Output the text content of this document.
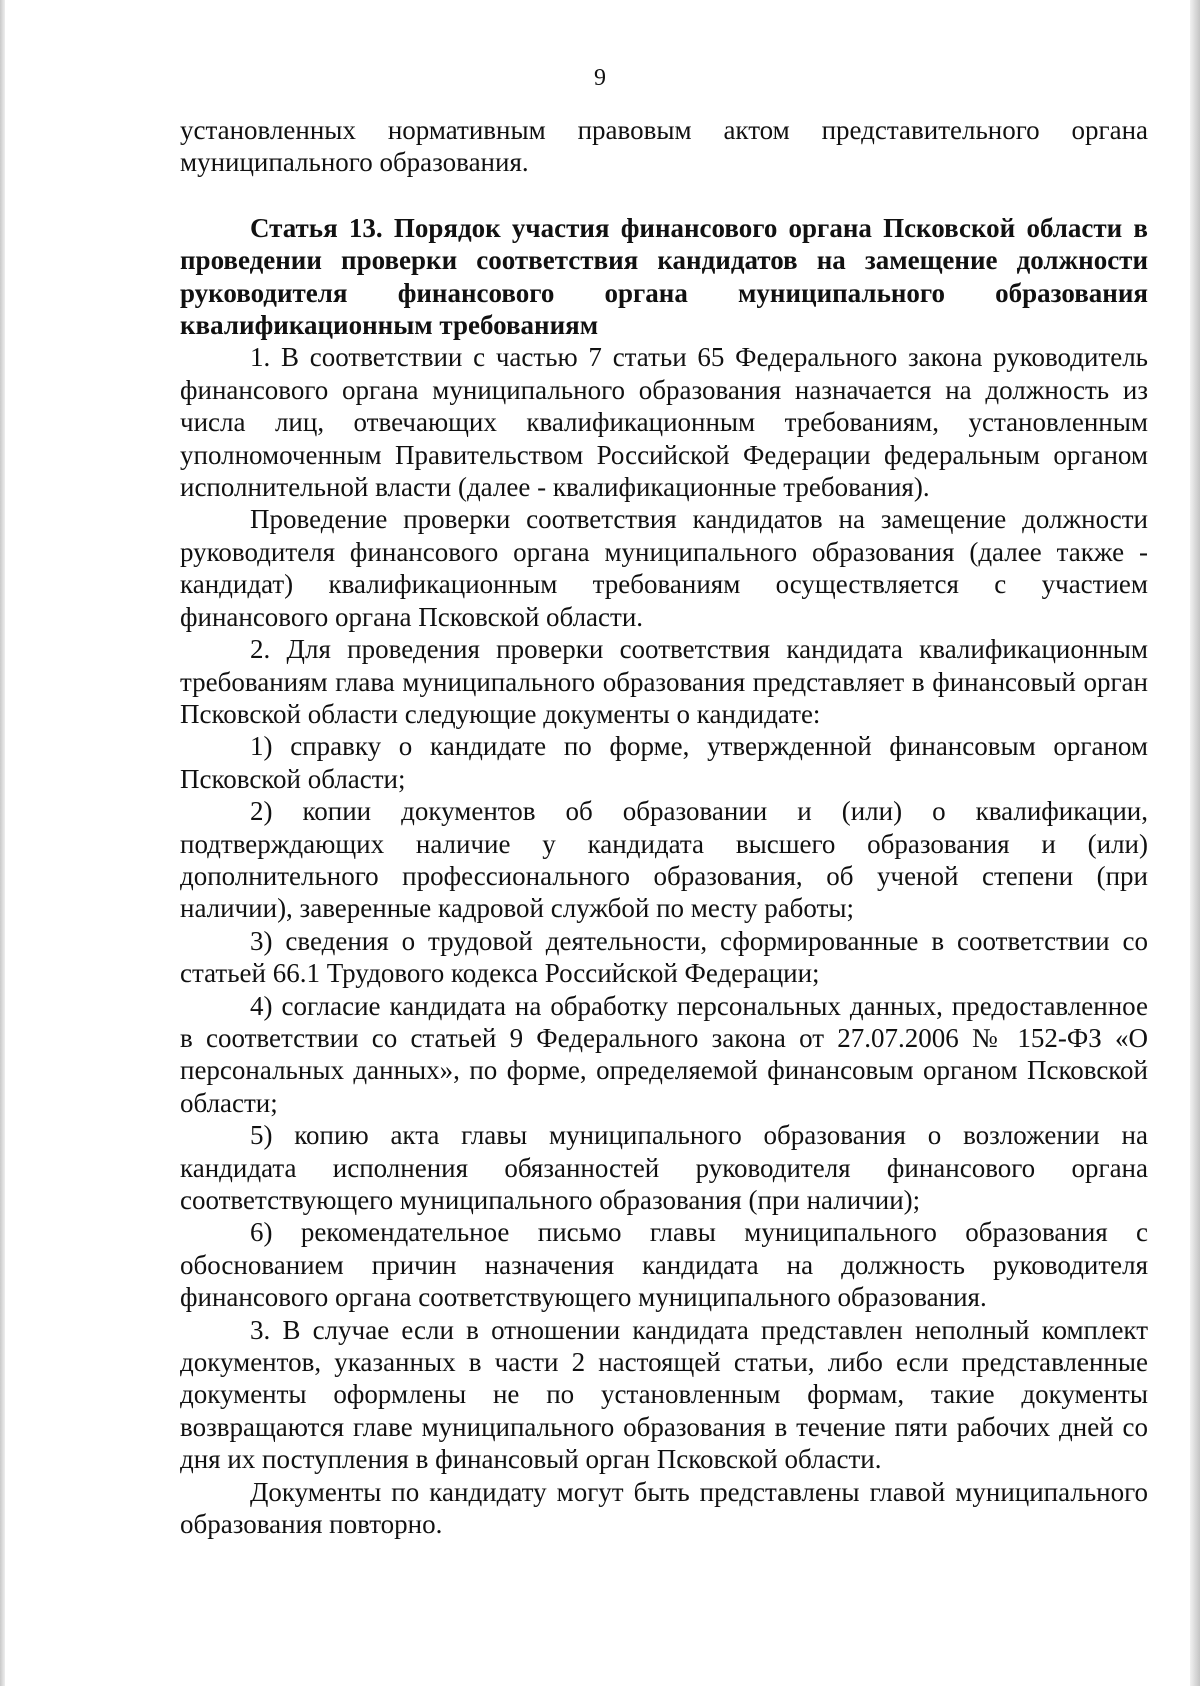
9

установленных нормативным правовым актом представительного органа муниципального образования.

Статья 13. Порядок участия финансового органа Псковской области в проведении проверки соответствия кандидатов на замещение должности руководителя финансового органа муниципального образования квалификационным требованиям

1. В соответствии с частью 7 статьи 65 Федерального закона руководитель финансового органа муниципального образования назначается на должность из числа лиц, отвечающих квалификационным требованиям, установленным уполномоченным Правительством Российской Федерации федеральным органом исполнительной власти (далее - квалификационные требования).

Проведение проверки соответствия кандидатов на замещение должности руководителя финансового органа муниципального образования (далее также - кандидат) квалификационным требованиям осуществляется с участием финансового органа Псковской области.

2. Для проведения проверки соответствия кандидата квалификационным требованиям глава муниципального образования представляет в финансовый орган Псковской области следующие документы о кандидате:

1) справку о кандидате по форме, утвержденной финансовым органом Псковской области;

2) копии документов об образовании и (или) о квалификации, подтверждающих наличие у кандидата высшего образования и (или) дополнительного профессионального образования, об ученой степени (при наличии), заверенные кадровой службой по месту работы;

3) сведения о трудовой деятельности, сформированные в соответствии со статьей 66.1 Трудового кодекса Российской Федерации;

4) согласие кандидата на обработку персональных данных, предоставленное в соответствии со статьей 9 Федерального закона от 27.07.2006 № 152-ФЗ «О персональных данных», по форме, определяемой финансовым органом Псковской области;

5) копию акта главы муниципального образования о возложении на кандидата исполнения обязанностей руководителя финансового органа соответствующего муниципального образования (при наличии);

6) рекомендательное письмо главы муниципального образования с обоснованием причин назначения кандидата на должность руководителя финансового органа соответствующего муниципального образования.

3. В случае если в отношении кандидата представлен неполный комплект документов, указанных в части 2 настоящей статьи, либо если представленные документы оформлены не по установленным формам, такие документы возвращаются главе муниципального образования в течение пяти рабочих дней со дня их поступления в финансовый орган Псковской области.

Документы по кандидату могут быть представлены главой муниципального образования повторно.
